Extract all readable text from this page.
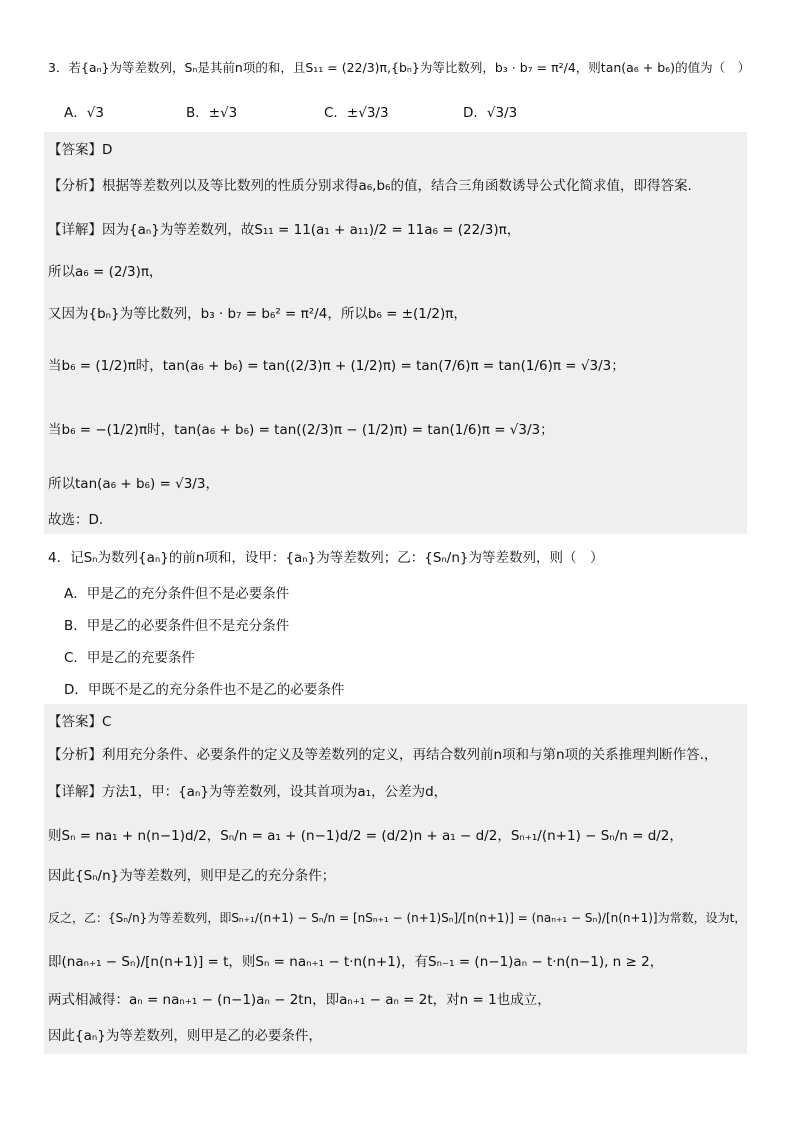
3．若{aₙ}为等差数列，Sₙ是其前n项的和，且S₁₁ = (22/3)π,{bₙ}为等比数列，b₃ · b₇ = π²/4，则tan(a₆ + b₆)的值为（　）
A．√3	B．±√3	C．±√3/3	D．√3/3
【答案】D
【分析】根据等差数列以及等比数列的性质分别求得a₆,b₆的值，结合三角函数诱导公式化简求值，即得答案.
【详解】因为{aₙ}为等差数列，故S₁₁ = 11(a₁ + a₁₁)/2 = 11a₆ = (22/3)π，
所以a₆ = (2/3)π，
又因为{bₙ}为等比数列，b₃ · b₇ = b₆² = π²/4，所以b₆ = ±(1/2)π，
当b₆ = (1/2)π时，tan(a₆ + b₆) = tan((2/3)π + (1/2)π) = tan(7/6)π = tan(1/6)π = √3/3；
当b₆ = −(1/2)π时，tan(a₆ + b₆) = tan((2/3)π − (1/2)π) = tan(1/6)π = √3/3；
所以tan(a₆ + b₆) = √3/3，
故选：D.
4．记Sₙ为数列{aₙ}的前n项和，设甲：{aₙ}为等差数列；乙：{Sₙ/n}为等差数列，则（　）
A．甲是乙的充分条件但不是必要条件
B．甲是乙的必要条件但不是充分条件
C．甲是乙的充要条件
D．甲既不是乙的充分条件也不是乙的必要条件
【答案】C
【分析】利用充分条件、必要条件的定义及等差数列的定义，再结合数列前n项和与第n项的关系推理判断作答.，
【详解】方法1，甲：{aₙ}为等差数列，设其首项为a₁，公差为d，
则Sₙ = na₁ + n(n−1)d/2，Sₙ/n = a₁ + (n−1)d/2 = (d/2)n + a₁ − d/2，Sₙ₊₁/(n+1) − Sₙ/n = d/2，
因此{Sₙ/n}为等差数列，则甲是乙的充分条件；
反之，乙：{Sₙ/n}为等差数列，即Sₙ₊₁/(n+1) − Sₙ/n = [nSₙ₊₁ − (n+1)Sₙ]/[n(n+1)] = (naₙ₊₁ − Sₙ)/[n(n+1)]为常数，设为t，
即(naₙ₊₁ − Sₙ)/[n(n+1)] = t，则Sₙ = naₙ₊₁ − t·n(n+1)，有Sₙ₋₁ = (n−1)aₙ − t·n(n−1), n ≥ 2，
两式相减得：aₙ = naₙ₊₁ − (n−1)aₙ − 2tn，即aₙ₊₁ − aₙ = 2t，对n = 1也成立，
因此{aₙ}为等差数列，则甲是乙的必要条件，
